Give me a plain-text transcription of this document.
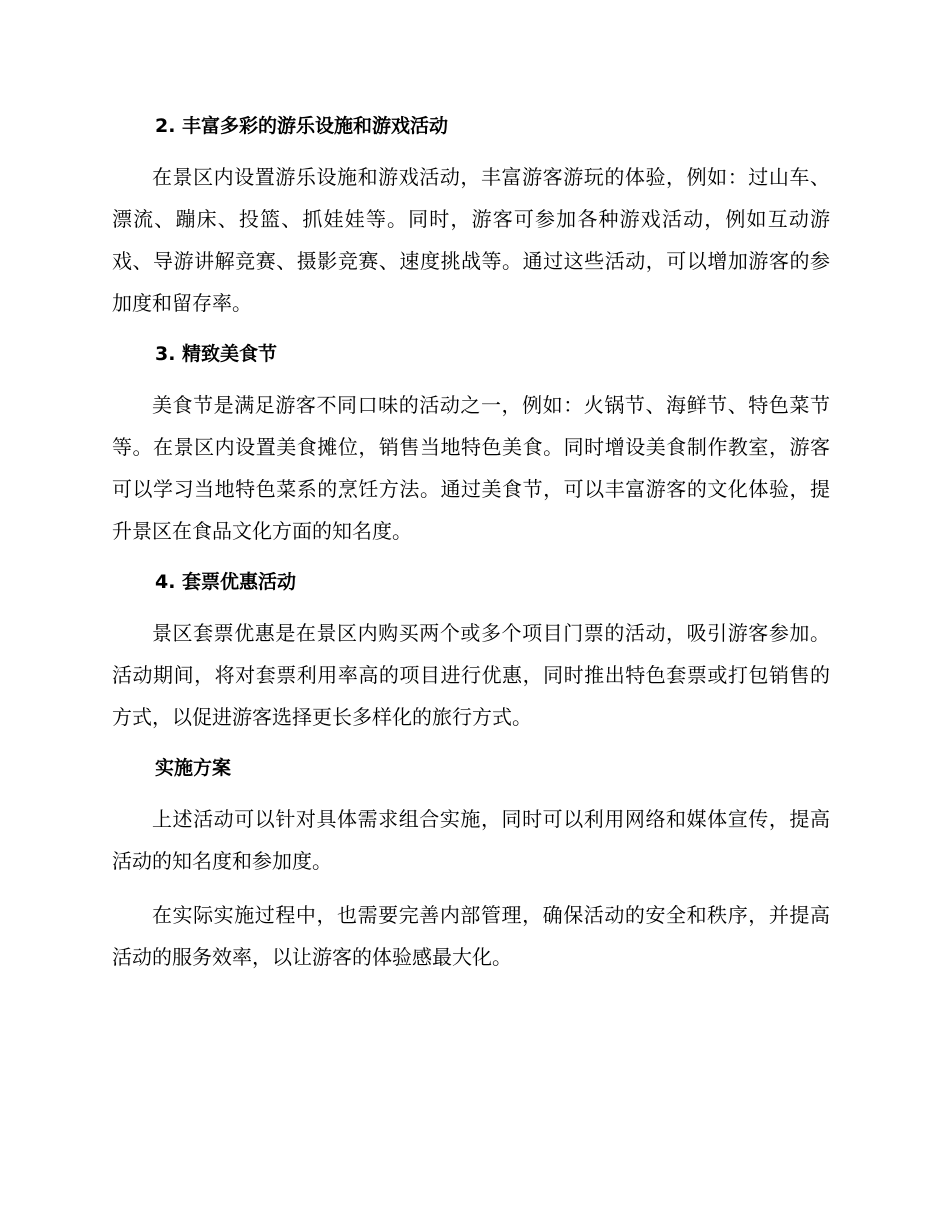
2. 丰富多彩的游乐设施和游戏活动

在景区内设置游乐设施和游戏活动，丰富游客游玩的体验，例如：过山车、漂流、蹦床、投篮、抓娃娃等。同时，游客可参加各种游戏活动，例如互动游戏、导游讲解竞赛、摄影竞赛、速度挑战等。通过这些活动，可以增加游客的参加度和留存率。

3. 精致美食节

美食节是满足游客不同口味的活动之一，例如：火锅节、海鲜节、特色菜节等。在景区内设置美食摊位，销售当地特色美食。同时增设美食制作教室，游客可以学习当地特色菜系的烹饪方法。通过美食节，可以丰富游客的文化体验，提升景区在食品文化方面的知名度。

4. 套票优惠活动

景区套票优惠是在景区内购买两个或多个项目门票的活动，吸引游客参加。活动期间，将对套票利用率高的项目进行优惠，同时推出特色套票或打包销售的方式，以促进游客选择更长多样化的旅行方式。

实施方案

上述活动可以针对具体需求组合实施，同时可以利用网络和媒体宣传，提高活动的知名度和参加度。

在实际实施过程中，也需要完善内部管理，确保活动的安全和秩序，并提高活动的服务效率，以让游客的体验感最大化。
